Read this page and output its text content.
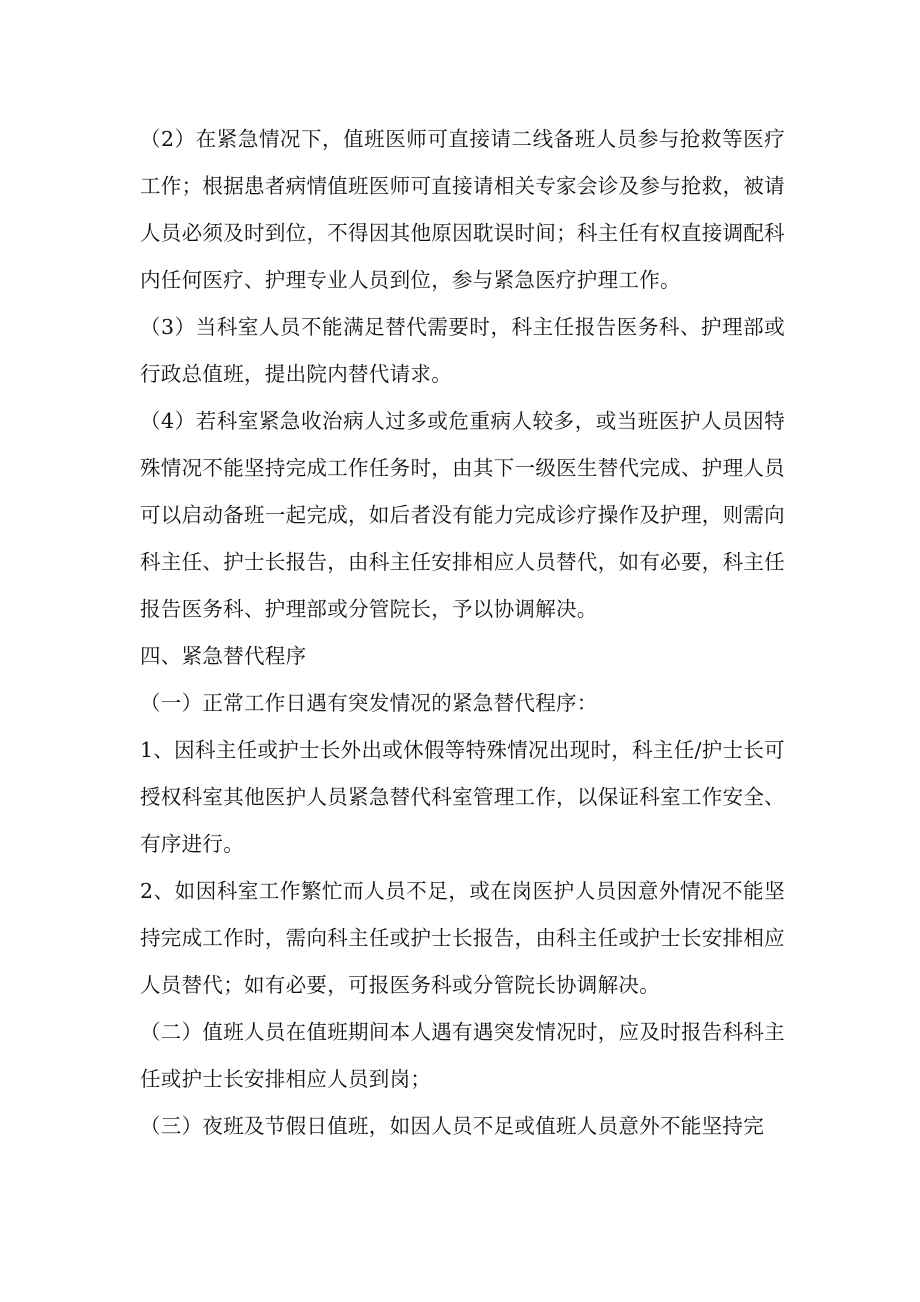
（2）在紧急情况下，值班医师可直接请二线备班人员参与抢救等医疗工作；根据患者病情值班医师可直接请相关专家会诊及参与抢救，被请人员必须及时到位，不得因其他原因耽误时间；科主任有权直接调配科内任何医疗、护理专业人员到位，参与紧急医疗护理工作。

（3）当科室人员不能满足替代需要时，科主任报告医务科、护理部或行政总值班，提出院内替代请求。

（4）若科室紧急收治病人过多或危重病人较多，或当班医护人员因特殊情况不能坚持完成工作任务时，由其下一级医生替代完成、护理人员可以启动备班一起完成，如后者没有能力完成诊疗操作及护理，则需向科主任、护士长报告，由科主任安排相应人员替代，如有必要，科主任报告医务科、护理部或分管院长，予以协调解决。

四、紧急替代程序

（一）正常工作日遇有突发情况的紧急替代程序：

1、因科主任或护士长外出或休假等特殊情况出现时，科主任/护士长可授权科室其他医护人员紧急替代科室管理工作，以保证科室工作安全、有序进行。

2、如因科室工作繁忙而人员不足，或在岗医护人员因意外情况不能坚持完成工作时，需向科主任或护士长报告，由科主任或护士长安排相应人员替代；如有必要，可报医务科或分管院长协调解决。

（二）值班人员在值班期间本人遇有遇突发情况时，应及时报告科科主任或护士长安排相应人员到岗；

（三）夜班及节假日值班，如因人员不足或值班人员意外不能坚持完
